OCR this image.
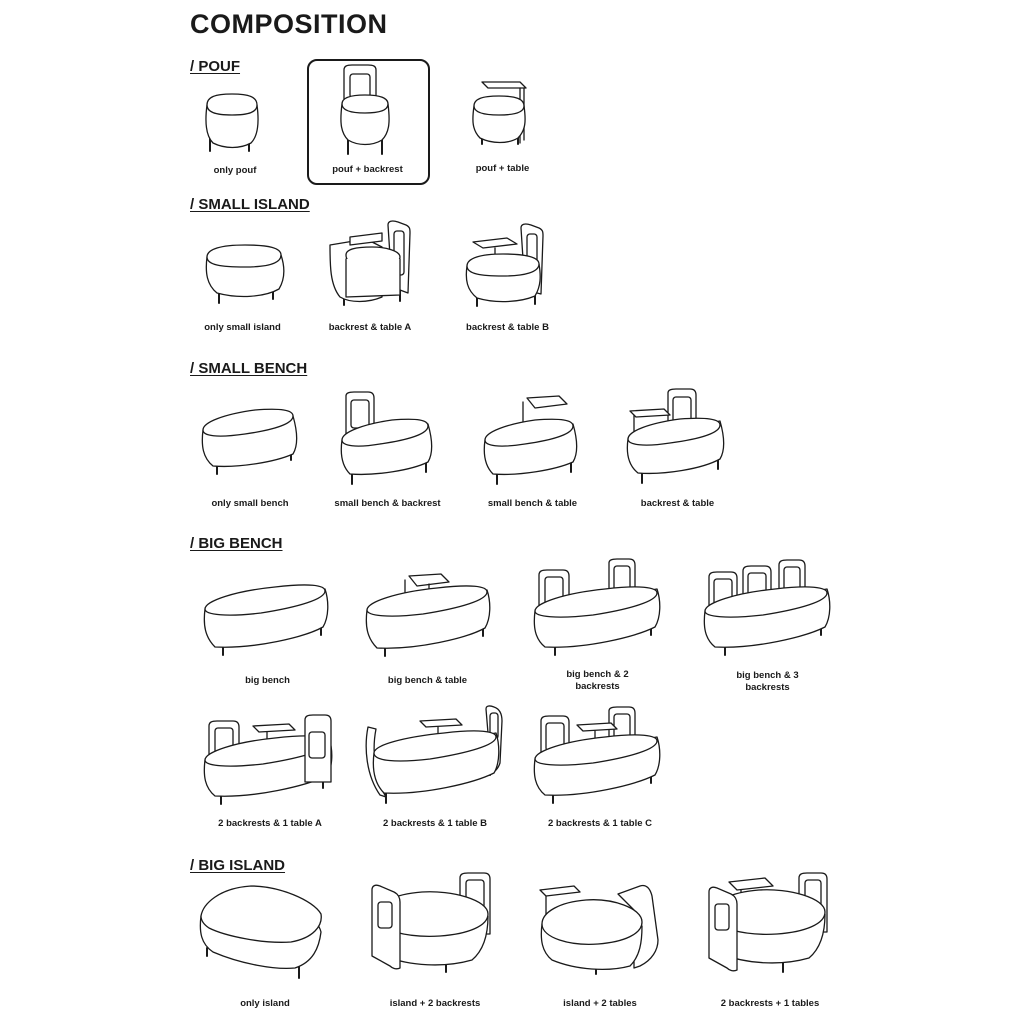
COMPOSITION
/ POUF
only pouf	pouf + backrest	pouf + table
/ SMALL ISLAND
only small island	backrest & table A	backrest & table B
/ SMALL BENCH
only small bench	small bench & backrest	small bench & table	backrest & table
/ BIG BENCH
big bench	big bench & table
big bench & 2 backrests
big bench & 3 backrests
2 backrests & 1 table A	2 backrests & 1 table B	2 backrests & 1 table C
/ BIG ISLAND
only island	island + 2 backrests	island + 2 tables	2 backrests + 1 tables
